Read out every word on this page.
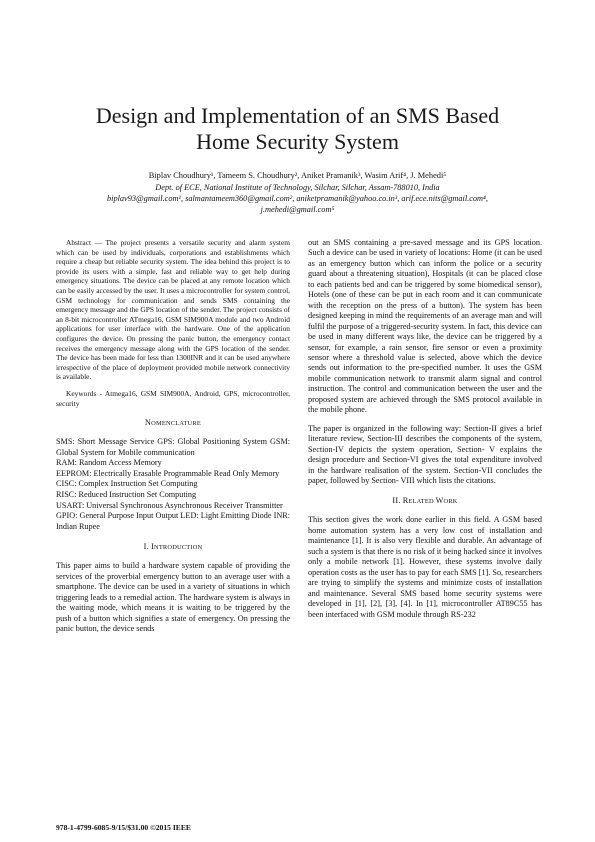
Design and Implementation of an SMS Based
Home Security System
Biplav Choudhury¹, Tameem S. Choudhury², Aniket Pramanik³, Wasim Arif⁴, J. Mehedi⁵
Dept. of ECE, National Institute of Technology, Silchar, Silchar, Assam-788010, India
biplav93@gmail.com¹, salmantameem360@gmail.com², aniketpramanik@yahoo.co.in³, arif.ece.nits@gmail.com⁴,
j.mehedi@gmail.com⁵

Abstract — The project presents a versatile security and alarm system which can be used by individuals, corporations and establishments which require a cheap but reliable security system. The idea behind this project is to provide its users with a simple, fast and reliable way to get help during emergency situations. The device can be placed at any remote location which can be easily accessed by the user. It uses a microcontroller for system control, GSM technology for communication and sends SMS containing the emergency message and the GPS location of the sender. The project consists of an 8-bit microcontroller ATmega16, GSM SIM900A module and two Android applications for user interface with the hardware. One of the application configures the device. On pressing the panic button, the emergency contact receives the emergency message along with the GPS location of the sender. The device has been made for less than 1300INR and it can be used anywhere irrespective of the place of deployment provided mobile network connectivity is available.

Keywords - Atmega16, GSM SIM900A, Android, GPS, microcontroller, security

NOMENCLATURE

SMS: Short Message Service GPS: Global Positioning System GSM: Global System for Mobile communication

RAM: Random Access Memory

EEPROM: Electrically Erasable Programmable Read Only Memory

CISC: Complex Instruction Set Computing

RISC: Reduced Instruction Set Computing

USART: Universal Synchronous Asynchronous Receiver Transmitter

GPIO: General Purpose Input Output LED: Light Emitting Diode INR: Indian Rupee

I. INTRODUCTION

This paper aims to build a hardware system capable of providing the services of the proverbial emergency button to an average user with a smartphone. The device can be used in a variety of situations in which triggering leads to a remedial action. The hardware system is always in the waiting mode, which means it is waiting to be triggered by the push of a button which signifies a state of emergency. On pressing the panic button, the device sends

out an SMS containing a pre-saved message and its GPS location. Such a device can be used in variety of locations: Home (it can be used as an emergency button which can inform the police or a security guard about a threatening situation), Hospitals (it can be placed close to each patients bed and can be triggered by some biomedical sensor), Hotels (one of these can be put in each room and it can communicate with the reception on the press of a button). The system has been designed keeping in mind the requirements of an average man and will fulfil the purpose of a triggered-security system. In fact, this device can be used in many different ways like, the device can be triggered by a sensor, for example, a rain sensor, fire sensor or even a proximity sensor where a threshold value is selected, above which the device sends out information to the pre-specified number. It uses the GSM mobile communication network to transmit alarm signal and control instruction. The control and communication between the user and the proposed system are achieved through the SMS protocol available in the mobile phone.

The paper is organized in the following way: Section-II gives a brief literature review, Section-III describes the components of the system, Section-IV depicts the system operation, Section- V explains the design procedure and Section-VI gives the total expenditure involved in the hardware realisation of the system. Section-VII concludes the paper, followed by Section- VIII which lists the citations.

II. RELATED WORK

This section gives the work done earlier in this field. A GSM based home automation system has a very low cost of installation and maintenance [1]. It is also very flexible and durable. An advantage of such a system is that there is no risk of it being hacked since it involves only a mobile network [1]. However, these systems involve daily operation costs as the user has to pay for each SMS [1]. So, researchers are trying to simplify the systems and minimize costs of installation and maintenance. Several SMS based home security systems were developed in [1], [2], [3], [4]. In [1], microcontroller AT89C55 has been interfaced with GSM module through RS-232

978-1-4799-6085-9/15/$31.00 ©2015 IEEE
